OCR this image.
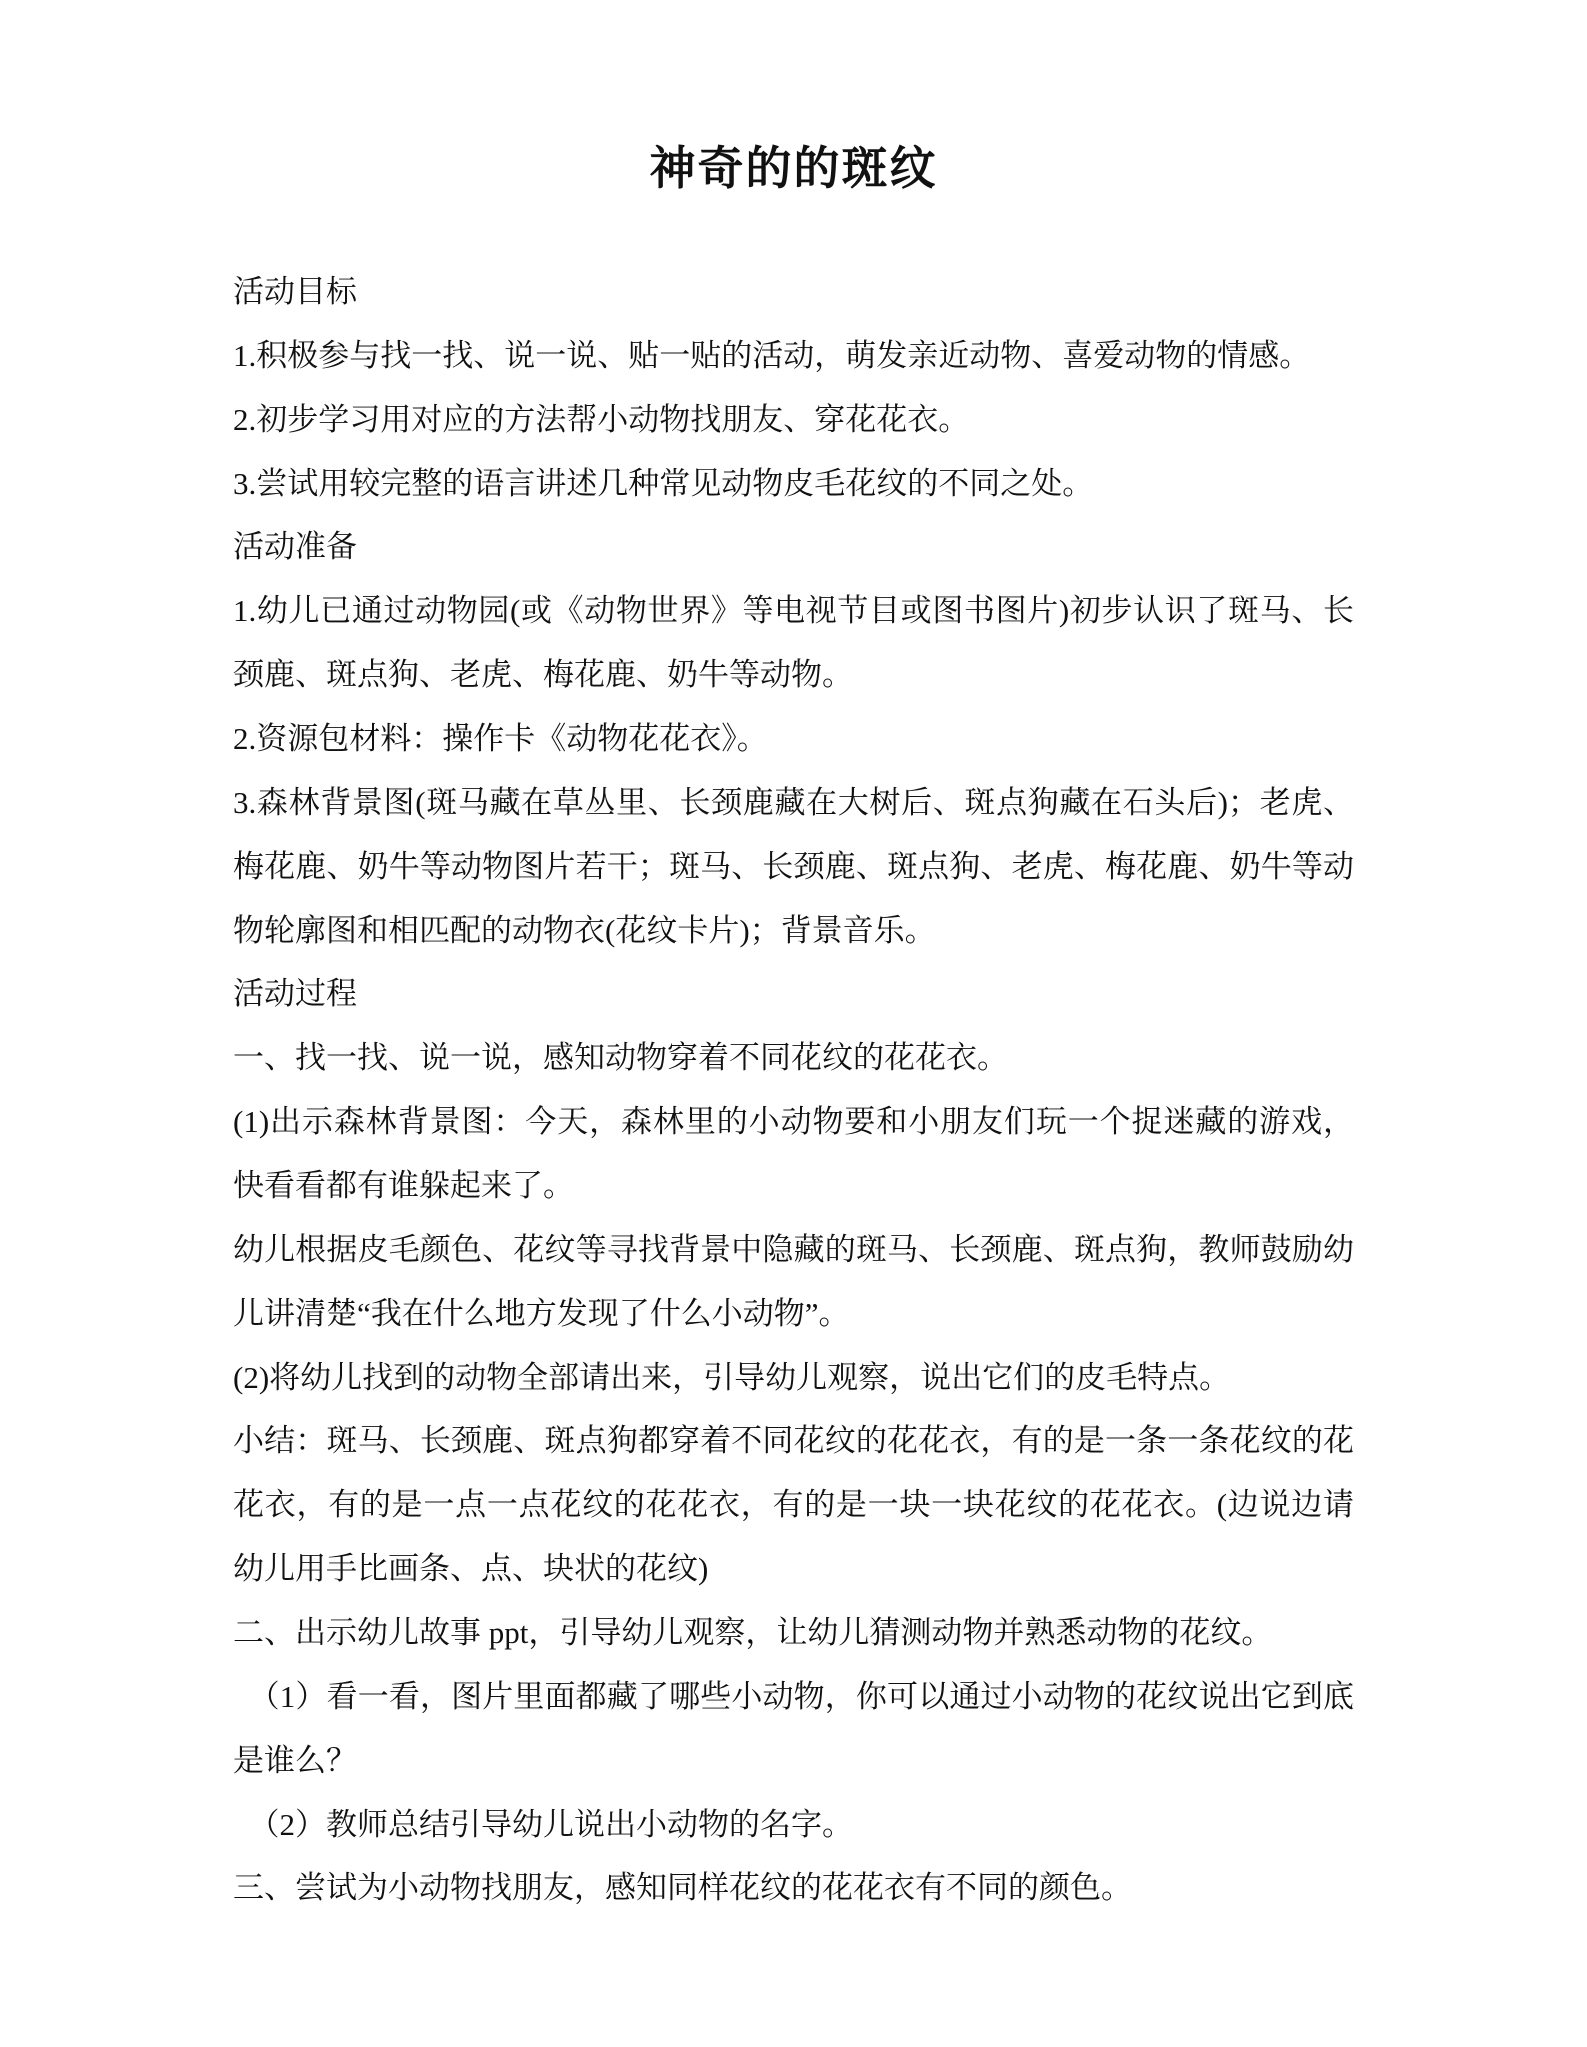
神奇的的斑纹

活动目标

1.积极参与找一找、说一说、贴一贴的活动，萌发亲近动物、喜爱动物的情感。

2.初步学习用对应的方法帮小动物找朋友、穿花花衣。

3.尝试用较完整的语言讲述几种常见动物皮毛花纹的不同之处。

活动准备

1.幼儿已通过动物园(或《动物世界》等电视节目或图书图片)初步认识了斑马、长颈鹿、斑点狗、老虎、梅花鹿、奶牛等动物。

2.资源包材料：操作卡《动物花花衣》。

3.森林背景图(斑马藏在草丛里、长颈鹿藏在大树后、斑点狗藏在石头后)；老虎、梅花鹿、奶牛等动物图片若干；斑马、长颈鹿、斑点狗、老虎、梅花鹿、奶牛等动物轮廓图和相匹配的动物衣(花纹卡片)；背景音乐。

活动过程

一、找一找、说一说，感知动物穿着不同花纹的花花衣。

(1)出示森林背景图：今天，森林里的小动物要和小朋友们玩一个捉迷藏的游戏，快看看都有谁躲起来了。

幼儿根据皮毛颜色、花纹等寻找背景中隐藏的斑马、长颈鹿、斑点狗，教师鼓励幼儿讲清楚“我在什么地方发现了什么小动物”。

(2)将幼儿找到的动物全部请出来，引导幼儿观察，说出它们的皮毛特点。

小结：斑马、长颈鹿、斑点狗都穿着不同花纹的花花衣，有的是一条一条花纹的花花衣，有的是一点一点花纹的花花衣，有的是一块一块花纹的花花衣。(边说边请幼儿用手比画条、点、块状的花纹)

二、出示幼儿故事 ppt，引导幼儿观察，让幼儿猜测动物并熟悉动物的花纹。

　（1）看一看，图片里面都藏了哪些小动物，你可以通过小动物的花纹说出它到底是谁么？

　（2）教师总结引导幼儿说出小动物的名字。

三、尝试为小动物找朋友，感知同样花纹的花花衣有不同的颜色。
